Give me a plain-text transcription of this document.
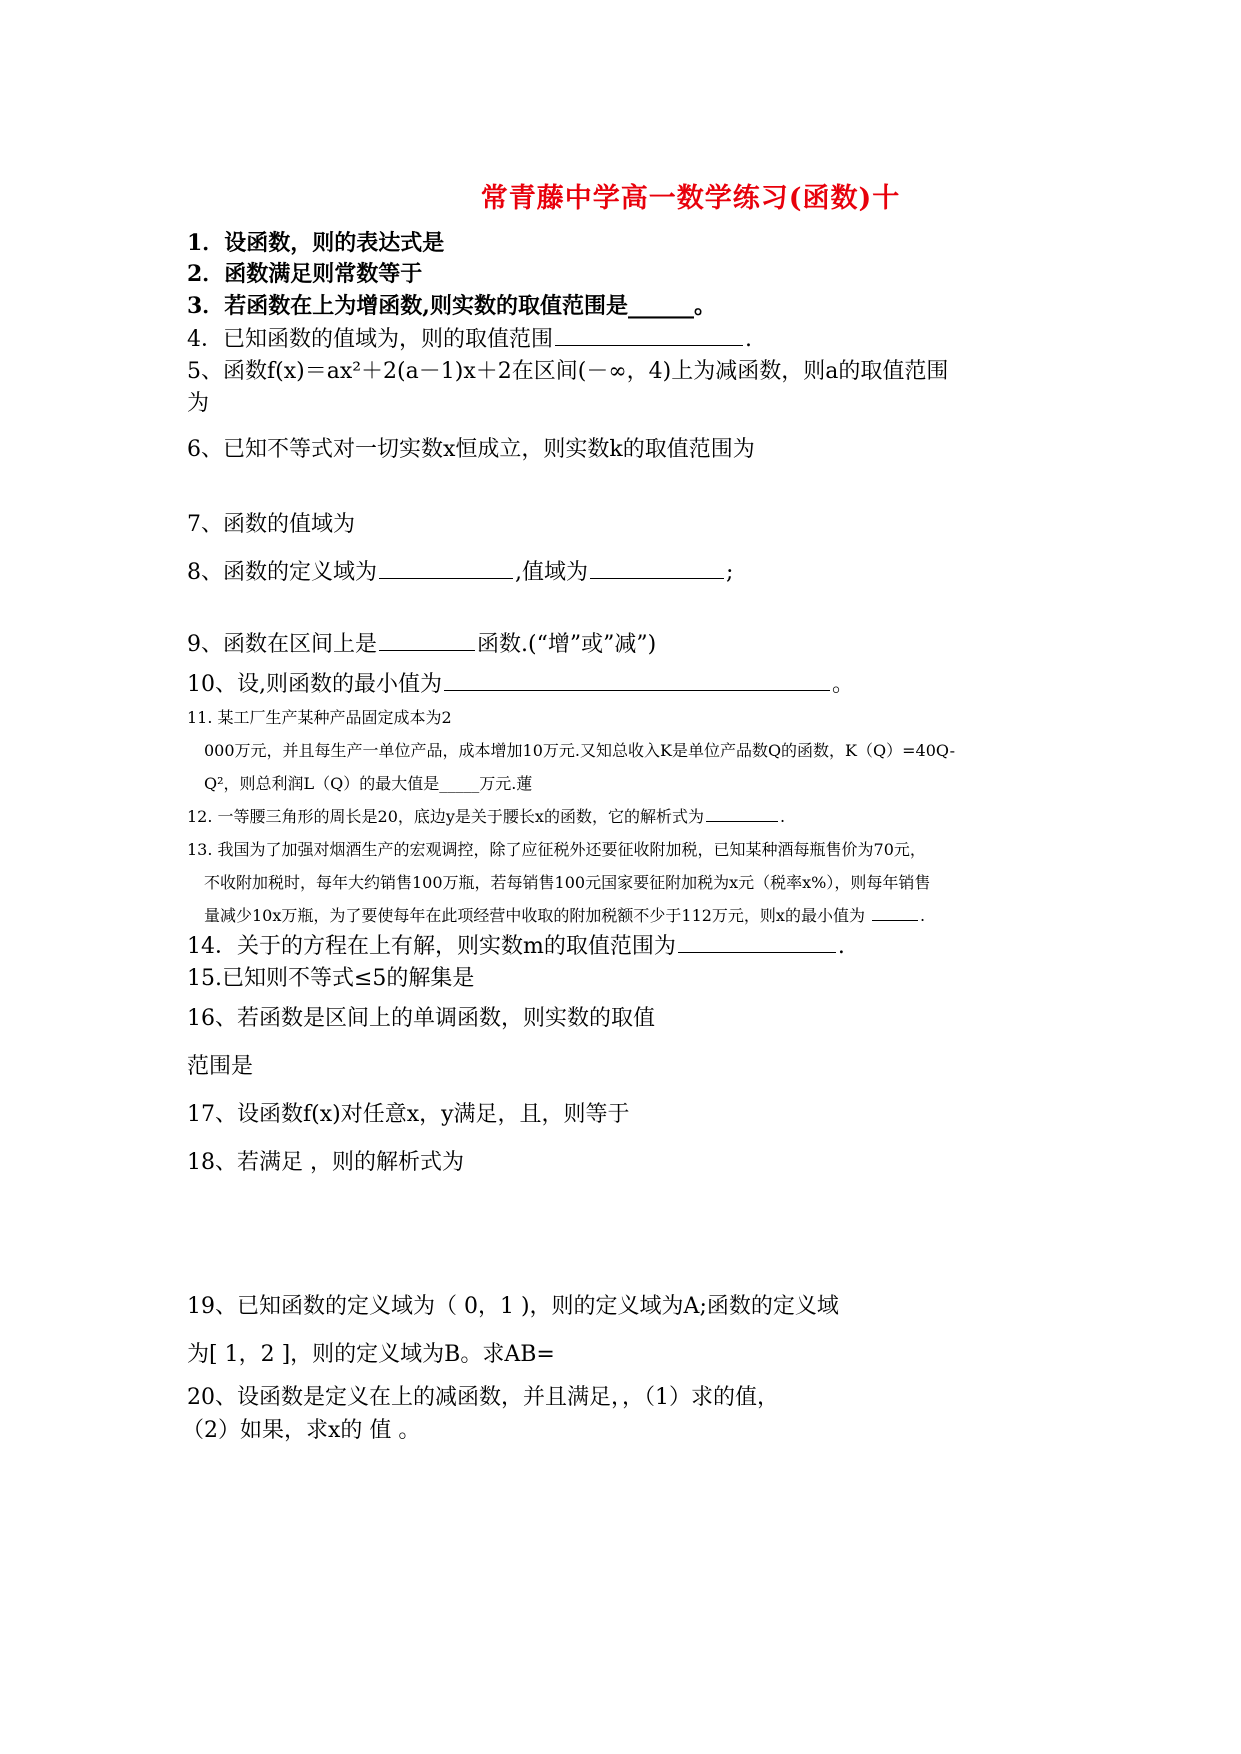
常青藤中学高一数学练习(函数)十
1．设函数，则的表达式是
2．函数满足则常数等于
3．若函数在上为增函数,则实数的取值范围是______。
4．已知函数的值域为，则的取值范围	.
5、函数f(x)＝ax²＋2(a－1)x＋2在区间(－∞，4)上为减函数，则a的取值范围
为
6、已知不等式对一切实数x恒成立，则实数k的取值范围为
7、函数的值域为
8、函数的定义域为	,值域为	;
9、函数在区间上是	函数.(“增”或”减”)
10、设,则函数的最小值为	。
11. 某工厂生产某种产品固定成本为2
000万元，并且每生产一单位产品，成本增加10万元.又知总收入K是单位产品数Q的函数，K（Q）=40Q-
Q²，则总利润L（Q）的最大值是_____万元.蓮
12. 一等腰三角形的周长是20，底边y是关于腰长x的函数，它的解析式为	.
13. 我国为了加强对烟酒生产的宏观调控，除了应征税外还要征收附加税，已知某种酒每瓶售价为70元，
不收附加税时，每年大约销售100万瓶，若每销售100元国家要征附加税为x元（税率x%），则每年销售
量减少10x万瓶，为了要使每年在此项经营中收取的附加税额不少于112万元，则x的最小值为	.
14．关于的方程在上有解，则实数m的取值范围为	.
15.已知则不等式≤5的解集是
16、若函数是区间上的单调函数，则实数的取值
范围是
17、设函数f(x)对任意x，y满足，且，则等于
18、若满足 ，则的解析式为
19、已知函数的定义域为（ 0，1 )，则的定义域为A;函数的定义域
为[ 1，2 ]，则的定义域为B。求AB=
20、设函数是定义在上的减函数，并且满足，，（1）求的值，
（2）如果，求x的 值 。
